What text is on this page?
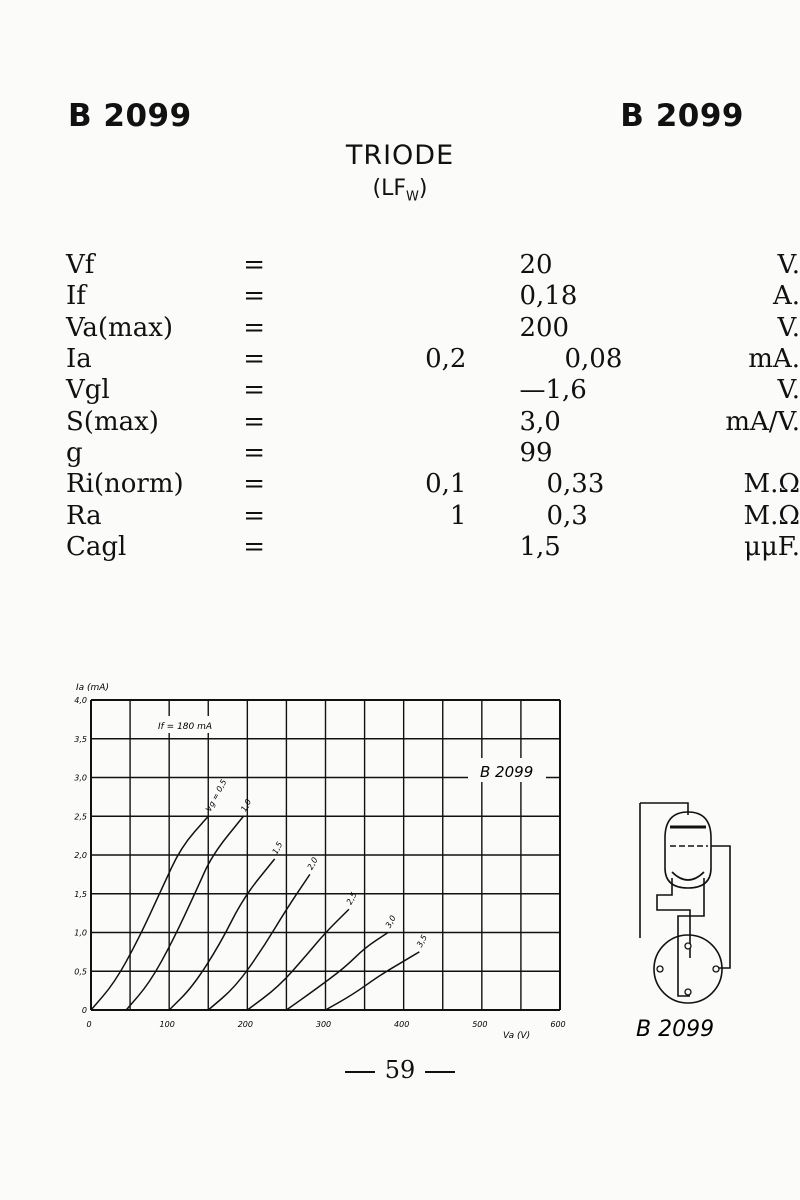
B 2099	B 2099
TRIODE
$(LF_W)$
Vf	=		20	V.
If	=		0,18	A.
Va(max)	=		200	V.
Ia	=	0,2	0,08	mA.
Vgl	=		—1,6	V.
S(max)	=		3,0	mA/V.
g	=		99	
Ri(norm)	=	0,1	0,33	M.Ω
Ra	=	1	0,3	M.Ω
Cagl	=		1,5	μμF.
0
0,5
1,0
1,5
2,0
2,5
3,0
3,5
4,0
0	100	200	300	400	500	600
Vg = 0,5 1,0
1,5
2,0
2,5
3,0
3,5
Ia (mA)
Va (V)
If = 180 mA
B 2099
B 2099
59
